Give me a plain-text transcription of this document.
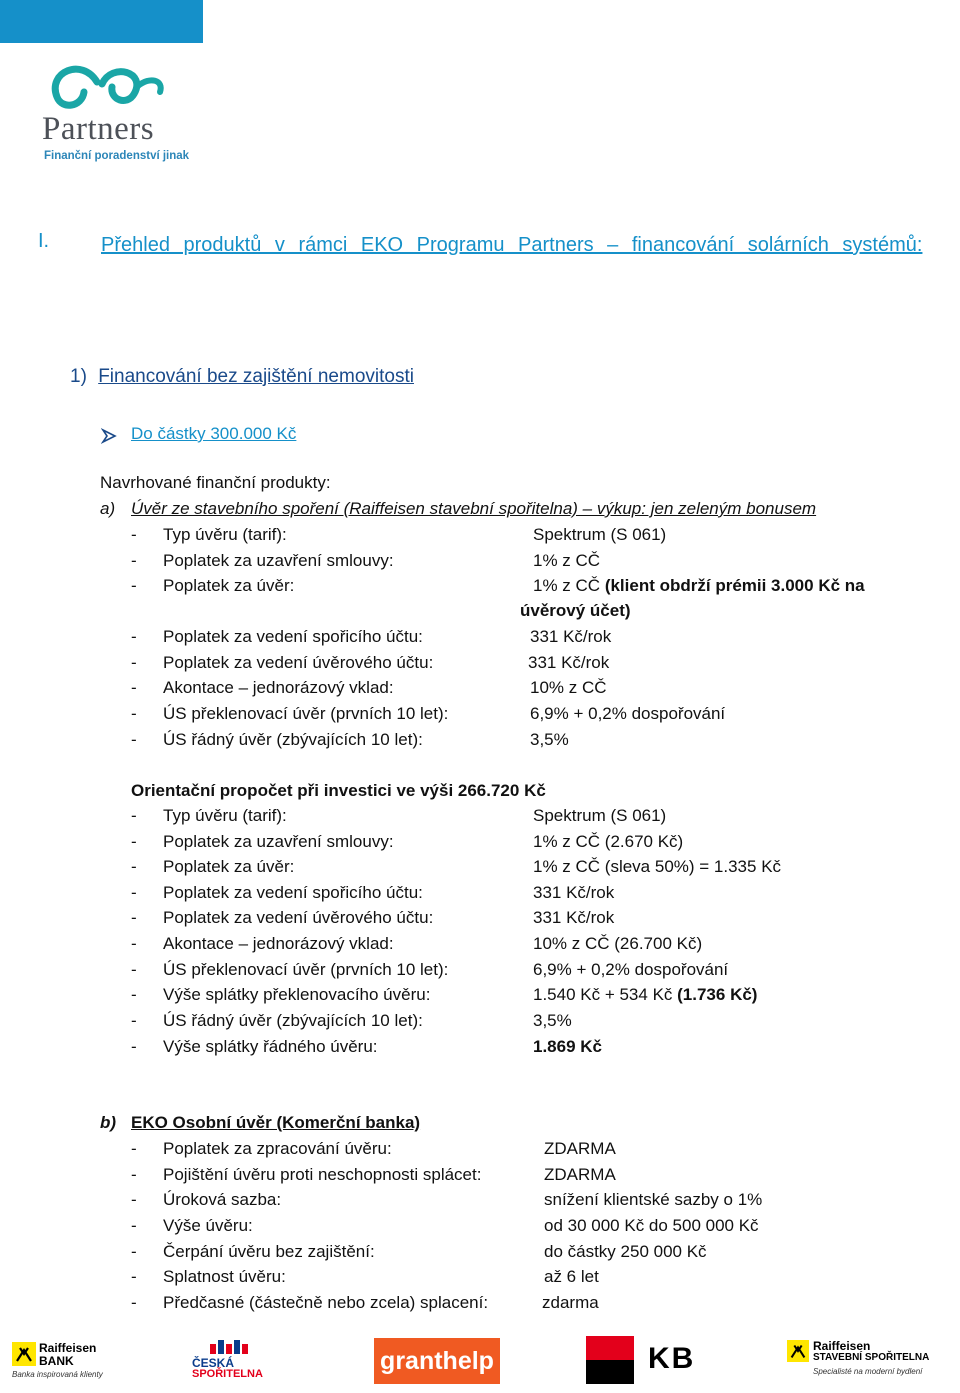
Partners
Finanční poradenství jinak
I.	Přehled produktů v rámci EKO Programu Partners – financování solárních systémů:
1) Financování bez zajištění nemovitosti
Do částky 300.000 Kč
Navrhované finanční produkty:
a) Úvěr ze stavebního spoření (Raiffeisen stavební spořitelna) – výkup: jen zeleným bonusem
- Typ úvěru (tarif):	Spektrum (S 061)
- Poplatek za uzavření smlouvy:	1% z CČ
- Poplatek za úvěr:	1% z CČ (klient obdrží prémii 3.000 Kč na
úvěrový účet)
- Poplatek za vedení spořicího účtu:	331 Kč/rok
- Poplatek za vedení úvěrového účtu:	331 Kč/rok
- Akontace – jednorázový vklad:	10% z CČ
- ÚS překlenovací úvěr (prvních 10 let):	6,9% + 0,2% dospořování
- ÚS řádný úvěr (zbývajících 10 let):	3,5%
Orientační propočet při investici ve výši 266.720 Kč
- Typ úvěru (tarif):	Spektrum (S 061)
- Poplatek za uzavření smlouvy:	1% z CČ (2.670 Kč)
- Poplatek za úvěr:	1% z CČ (sleva 50%) = 1.335 Kč
- Poplatek za vedení spořicího účtu:	331 Kč/rok
- Poplatek za vedení úvěrového účtu:	331 Kč/rok
- Akontace – jednorázový vklad:	10% z CČ (26.700 Kč)
- ÚS překlenovací úvěr (prvních 10 let):	6,9% + 0,2% dospořování
- Výše splátky překlenovacího úvěru:	1.540 Kč + 534 Kč (1.736 Kč)
- ÚS řádný úvěr (zbývajících 10 let):	3,5%
- Výše splátky řádného úvěru:	1.869 Kč
b) EKO Osobní úvěr (Komerční banka)
- Poplatek za zpracování úvěru:	ZDARMA
- Pojištění úvěru proti neschopnosti splácet:	ZDARMA
- Úroková sazba:	snížení klientské sazby o 1%
- Výše úvěru:	od 30 000 Kč do 500 000 Kč
- Čerpání úvěru bez zajištění:	do částky 250 000 Kč
- Splatnost úvěru:	až 6 let
- Předčasné (částečně nebo zcela) splacení:	zdarma
Raiffeisen
BANK
Banka inspirovaná klienty
ČESKÁ
SPOŘITELNA	granthelp	KB	Raiffeisen
STAVEBNÍ SPOŘITELNA
Specialisté na moderní bydlení
